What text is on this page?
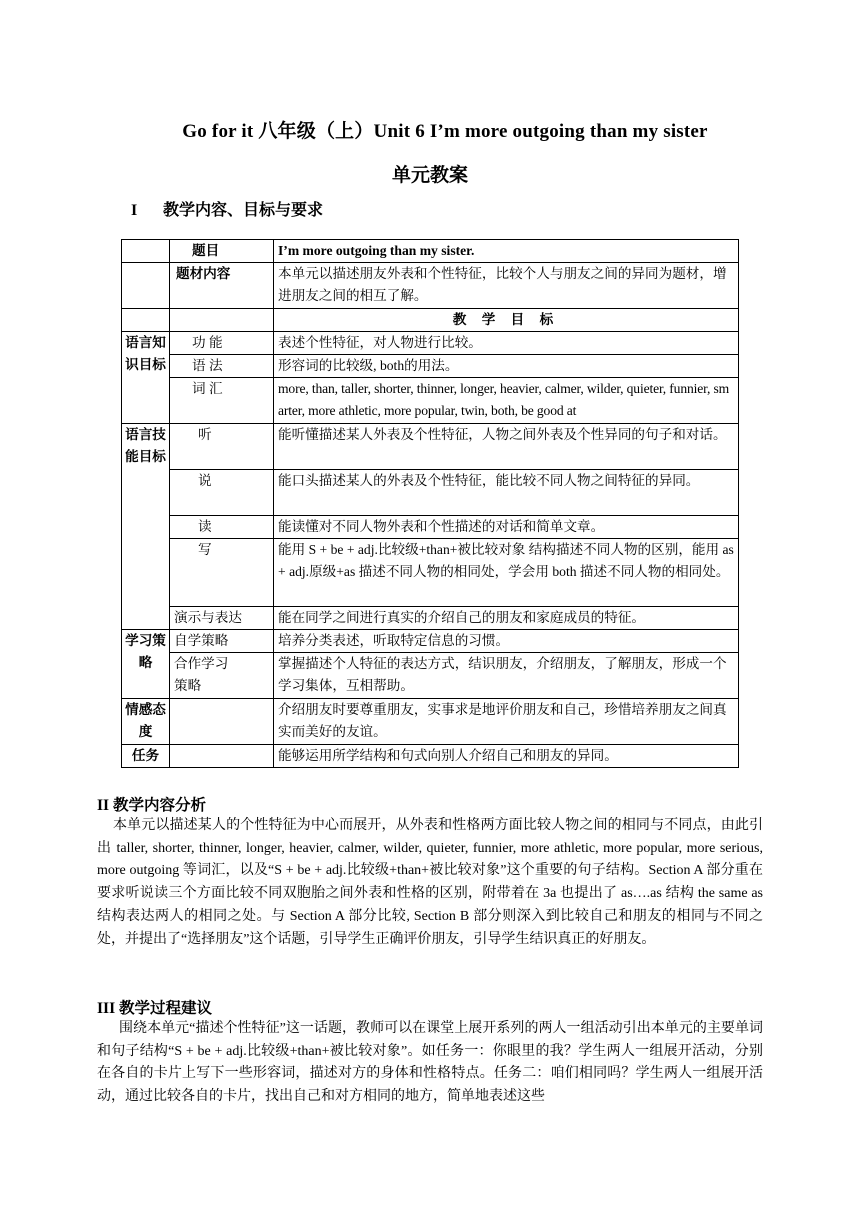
Go for it 八年级（上）Unit 6 I’m more outgoing than my sister
单元教案
I 教学内容、目标与要求
	题目	I’m more outgoing than my sister.
	题材内容	本单元以描述朋友外表和个性特征，比较个人与朋友之间的异同为题材，增进朋友之间的相互了解。
		教 学 目 标
语言知识目标	功 能	表述个性特征，对人物进行比较。
	语 法	形容词的比较级, both的用法。
	词 汇	more, than, taller, shorter, thinner, longer, heavier, calmer, wilder, quieter, funnier, smarter, more athletic, more popular, twin, both, be good at
语言技能目标	听	能听懂描述某人外表及个性特征，人物之间外表及个性异同的句子和对话。
	说	能口头描述某人的外表及个性特征，能比较不同人物之间特征的异同。
	读	能读懂对不同人物外表和个性描述的对话和简单文章。
	写	能用 S + be + adj.比较级+than+被比较对象 结构描述不同人物的区别，能用 as + adj.原级+as 描述不同人物的相同处，学会用 both 描述不同人物的相同处。
	演示与表达	能在同学之间进行真实的介绍自己的朋友和家庭成员的特征。
学习策略	自学策略	培养分类表述，听取特定信息的习惯。
	合作学习策略	掌握描述个人特征的表达方式，结识朋友，介绍朋友，了解朋友，形成一个学习集体，互相帮助。
情感态度		介绍朋友时要尊重朋友，实事求是地评价朋友和自己，珍惜培养朋友之间真实而美好的友谊。
任务		能够运用所学结构和句式向别人介绍自己和朋友的异同。
II 教学内容分析
本单元以描述某人的个性特征为中心而展开，从外表和性格两方面比较人物之间的相同与不同点，由此引出 taller, shorter, thinner, longer, heavier, calmer, wilder, quieter, funnier, more athletic, more popular, more serious, more outgoing 等词汇，以及“S + be + adj.比较级+than+被比较对象”这个重要的句子结构。Section A 部分重在要求听说读三个方面比较不同双胞胎之间外表和性格的区别，附带着在 3a 也提出了 as….as 结构 the same as 结构表达两人的相同之处。与 Section A 部分比较, Section B 部分则深入到比较自己和朋友的相同与不同之处，并提出了“选择朋友”这个话题，引导学生正确评价朋友，引导学生结识真正的好朋友。
III 教学过程建议
围绕本单元“描述个性特征”这一话题，教师可以在课堂上展开系列的两人一组活动引出本单元的主要单词和句子结构“S + be + adj.比较级+than+被比较对象”。如任务一：你眼里的我？学生两人一组展开活动，分别在各自的卡片上写下一些形容词，描述对方的身体和性格特点。任务二：咱们相同吗？学生两人一组展开活动，通过比较各自的卡片，找出自己和对方相同的地方，简单地表述这些
